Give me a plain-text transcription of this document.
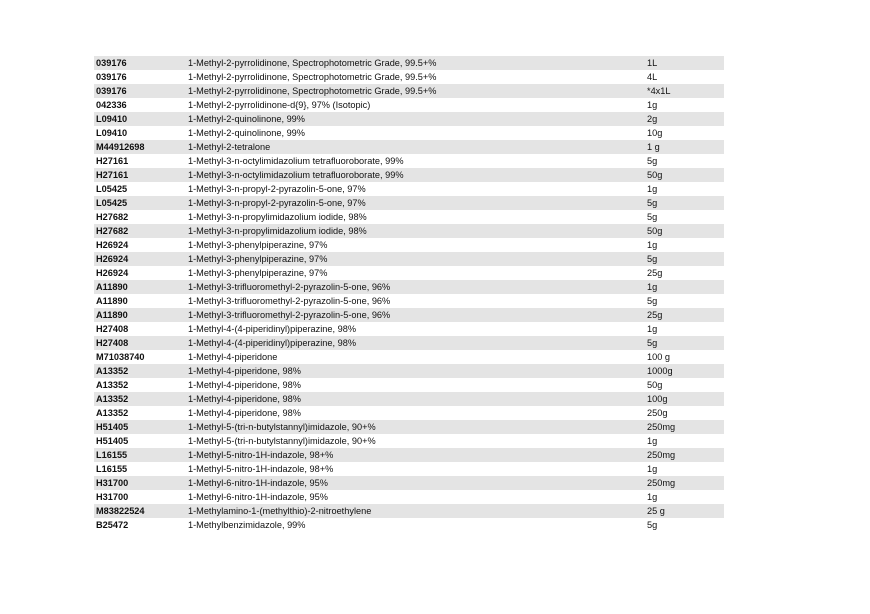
039176	1-Methyl-2-pyrrolidinone, Spectrophotometric Grade, 99.5+%	1L
039176	1-Methyl-2-pyrrolidinone, Spectrophotometric Grade, 99.5+%	4L
039176	1-Methyl-2-pyrrolidinone, Spectrophotometric Grade, 99.5+%	*4x1L
042336	1-Methyl-2-pyrrolidinone-d{9}, 97% (Isotopic)	1g
L09410	1-Methyl-2-quinolinone, 99%	2g
L09410	1-Methyl-2-quinolinone, 99%	10g
M44912698	1-Methyl-2-tetralone	1 g
H27161	1-Methyl-3-n-octylimidazolium tetrafluoroborate, 99%	5g
H27161	1-Methyl-3-n-octylimidazolium tetrafluoroborate, 99%	50g
L05425	1-Methyl-3-n-propyl-2-pyrazolin-5-one, 97%	1g
L05425	1-Methyl-3-n-propyl-2-pyrazolin-5-one, 97%	5g
H27682	1-Methyl-3-n-propylimidazolium iodide, 98%	5g
H27682	1-Methyl-3-n-propylimidazolium iodide, 98%	50g
H26924	1-Methyl-3-phenylpiperazine, 97%	1g
H26924	1-Methyl-3-phenylpiperazine, 97%	5g
H26924	1-Methyl-3-phenylpiperazine, 97%	25g
A11890	1-Methyl-3-trifluoromethyl-2-pyrazolin-5-one, 96%	1g
A11890	1-Methyl-3-trifluoromethyl-2-pyrazolin-5-one, 96%	5g
A11890	1-Methyl-3-trifluoromethyl-2-pyrazolin-5-one, 96%	25g
H27408	1-Methyl-4-(4-piperidinyl)piperazine, 98%	1g
H27408	1-Methyl-4-(4-piperidinyl)piperazine, 98%	5g
M71038740	1-Methyl-4-piperidone	100 g
A13352	1-Methyl-4-piperidone, 98%	1000g
A13352	1-Methyl-4-piperidone, 98%	50g
A13352	1-Methyl-4-piperidone, 98%	100g
A13352	1-Methyl-4-piperidone, 98%	250g
H51405	1-Methyl-5-(tri-n-butylstannyl)imidazole, 90+%	250mg
H51405	1-Methyl-5-(tri-n-butylstannyl)imidazole, 90+%	1g
L16155	1-Methyl-5-nitro-1H-indazole, 98+%	250mg
L16155	1-Methyl-5-nitro-1H-indazole, 98+%	1g
H31700	1-Methyl-6-nitro-1H-indazole, 95%	250mg
H31700	1-Methyl-6-nitro-1H-indazole, 95%	1g
M83822524	1-Methylamino-1-(methylthio)-2-nitroethylene	25 g
B25472	1-Methylbenzimidazole, 99%	5g
